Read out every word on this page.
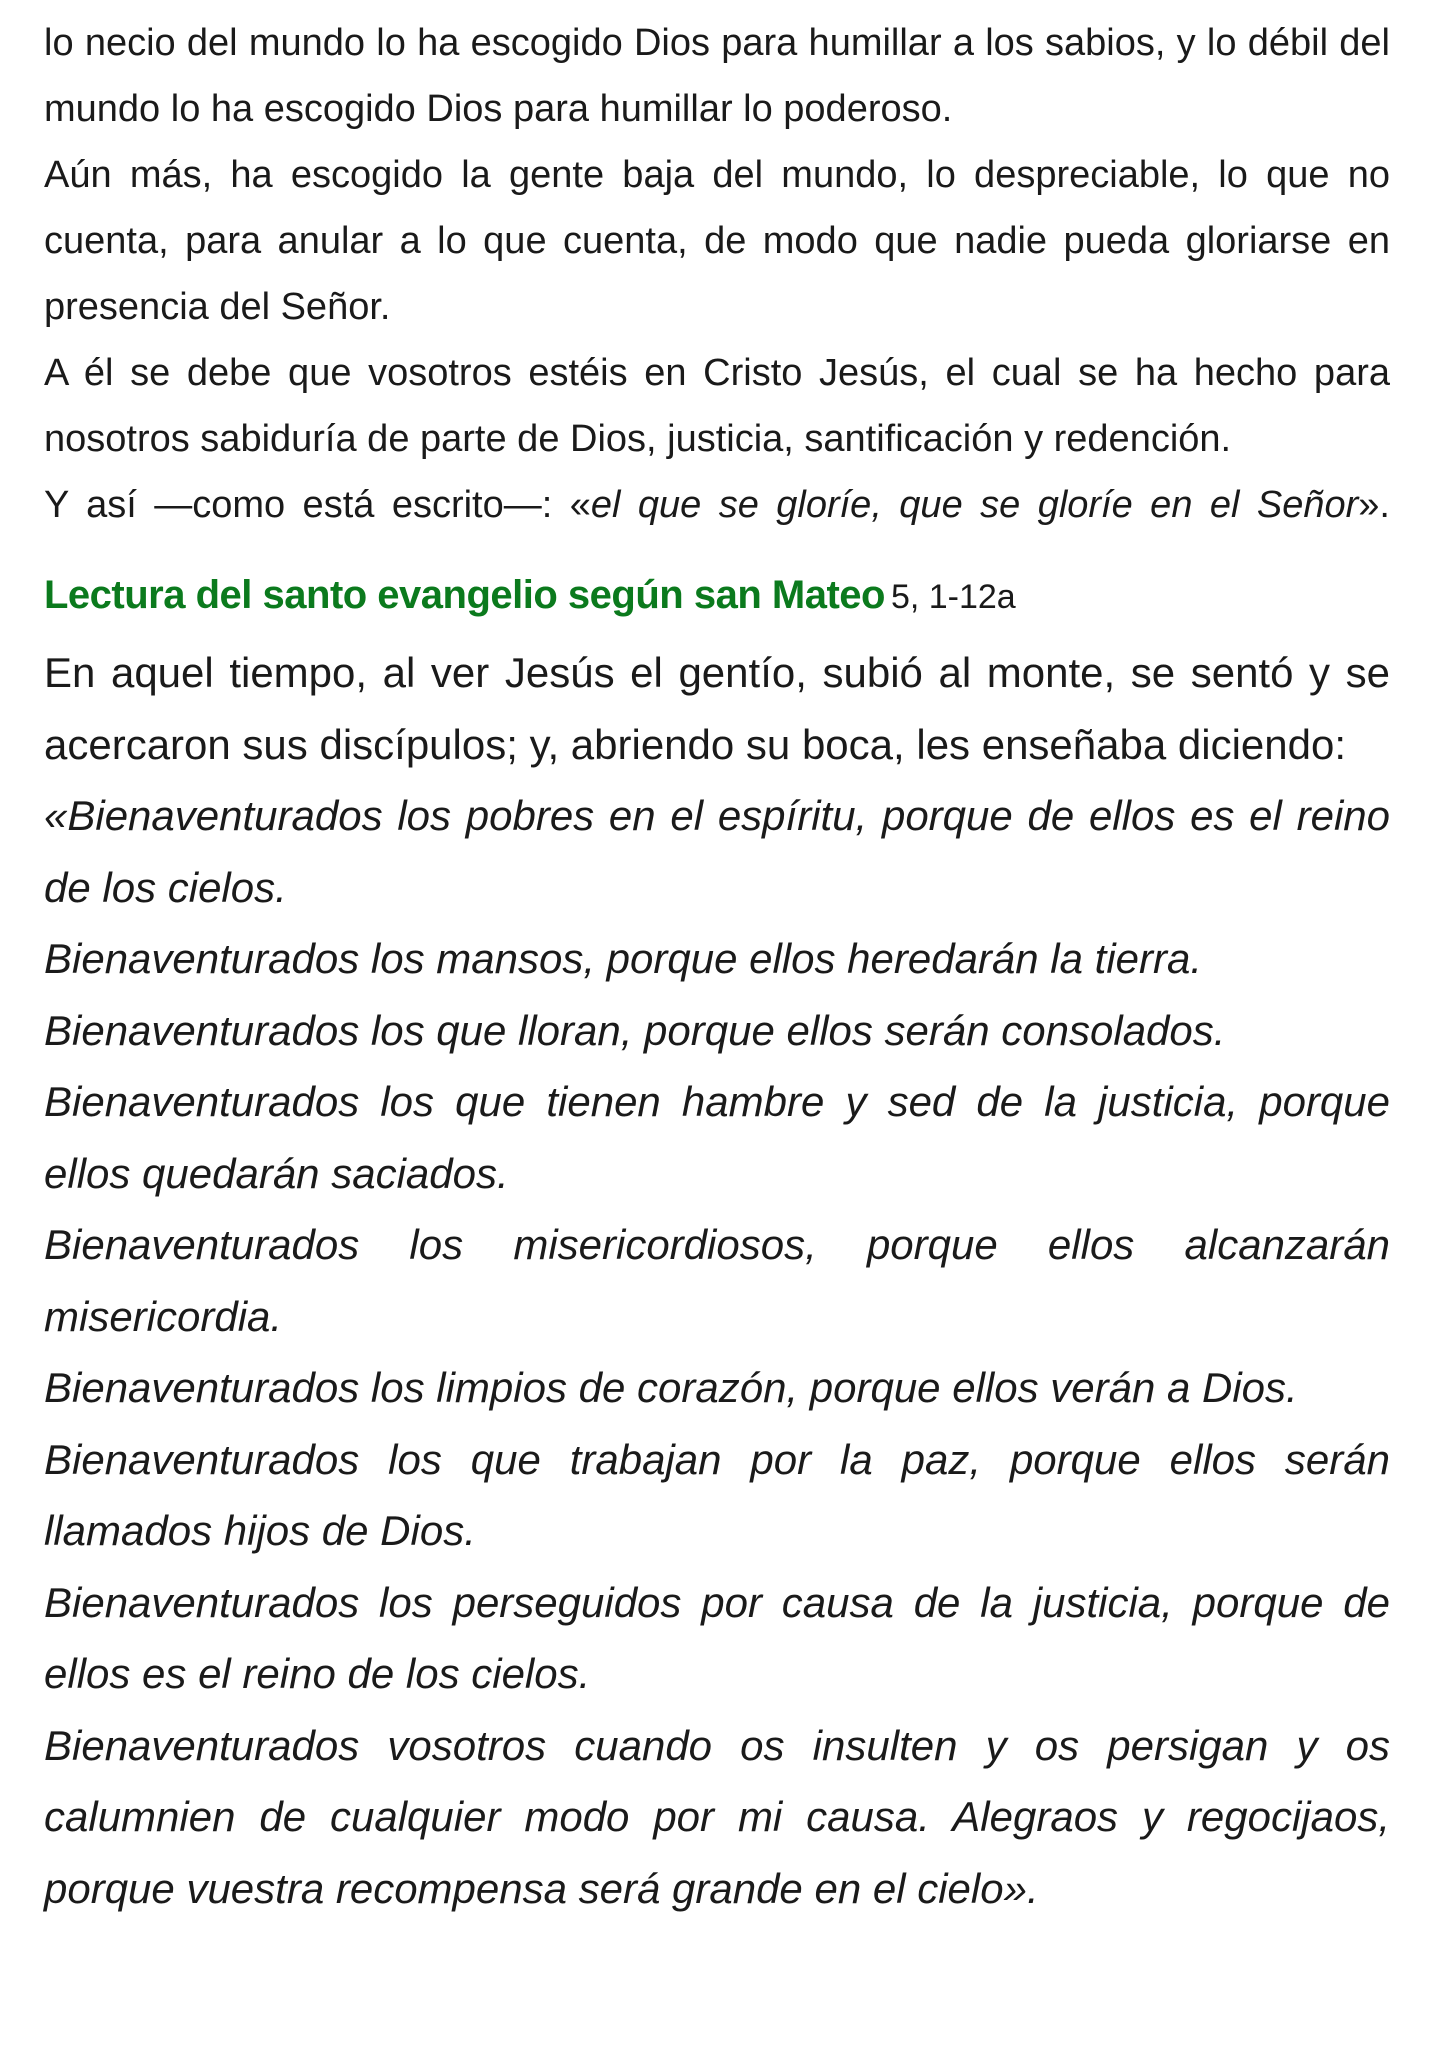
lo necio del mundo lo ha escogido Dios para humillar a los sabios, y lo débil del mundo lo ha escogido Dios para humillar lo poderoso.

Aún más, ha escogido la gente baja del mundo, lo despreciable, lo que no cuenta, para anular a lo que cuenta, de modo que nadie pueda gloriarse en presencia del Señor.

A él se debe que vosotros estéis en Cristo Jesús, el cual se ha hecho para nosotros sabiduría de parte de Dios, justicia, santificación y redención.

Y así —como está escrito—: «el que se gloríe, que se gloríe en el Señor».

Lectura del santo evangelio según san Mateo 5, 1-12a

En aquel tiempo, al ver Jesús el gentío, subió al monte, se sentó y se acercaron sus discípulos; y, abriendo su boca, les enseñaba diciendo:

«Bienaventurados los pobres en el espíritu, porque de ellos es el reino de los cielos.

Bienaventurados los mansos, porque ellos heredarán la tierra.

Bienaventurados los que lloran, porque ellos serán consolados.

Bienaventurados los que tienen hambre y sed de la justicia, porque ellos quedarán saciados.

Bienaventurados los misericordiosos, porque ellos alcanzarán misericordia.

Bienaventurados los limpios de corazón, porque ellos verán a Dios.

Bienaventurados los que trabajan por la paz, porque ellos serán llamados hijos de Dios.

Bienaventurados los perseguidos por causa de la justicia, porque de ellos es el reino de los cielos.

Bienaventurados vosotros cuando os insulten y os persigan y os calumnien de cualquier modo por mi causa. Alegraos y regocijaos, porque vuestra recompensa será grande en el cielo».
